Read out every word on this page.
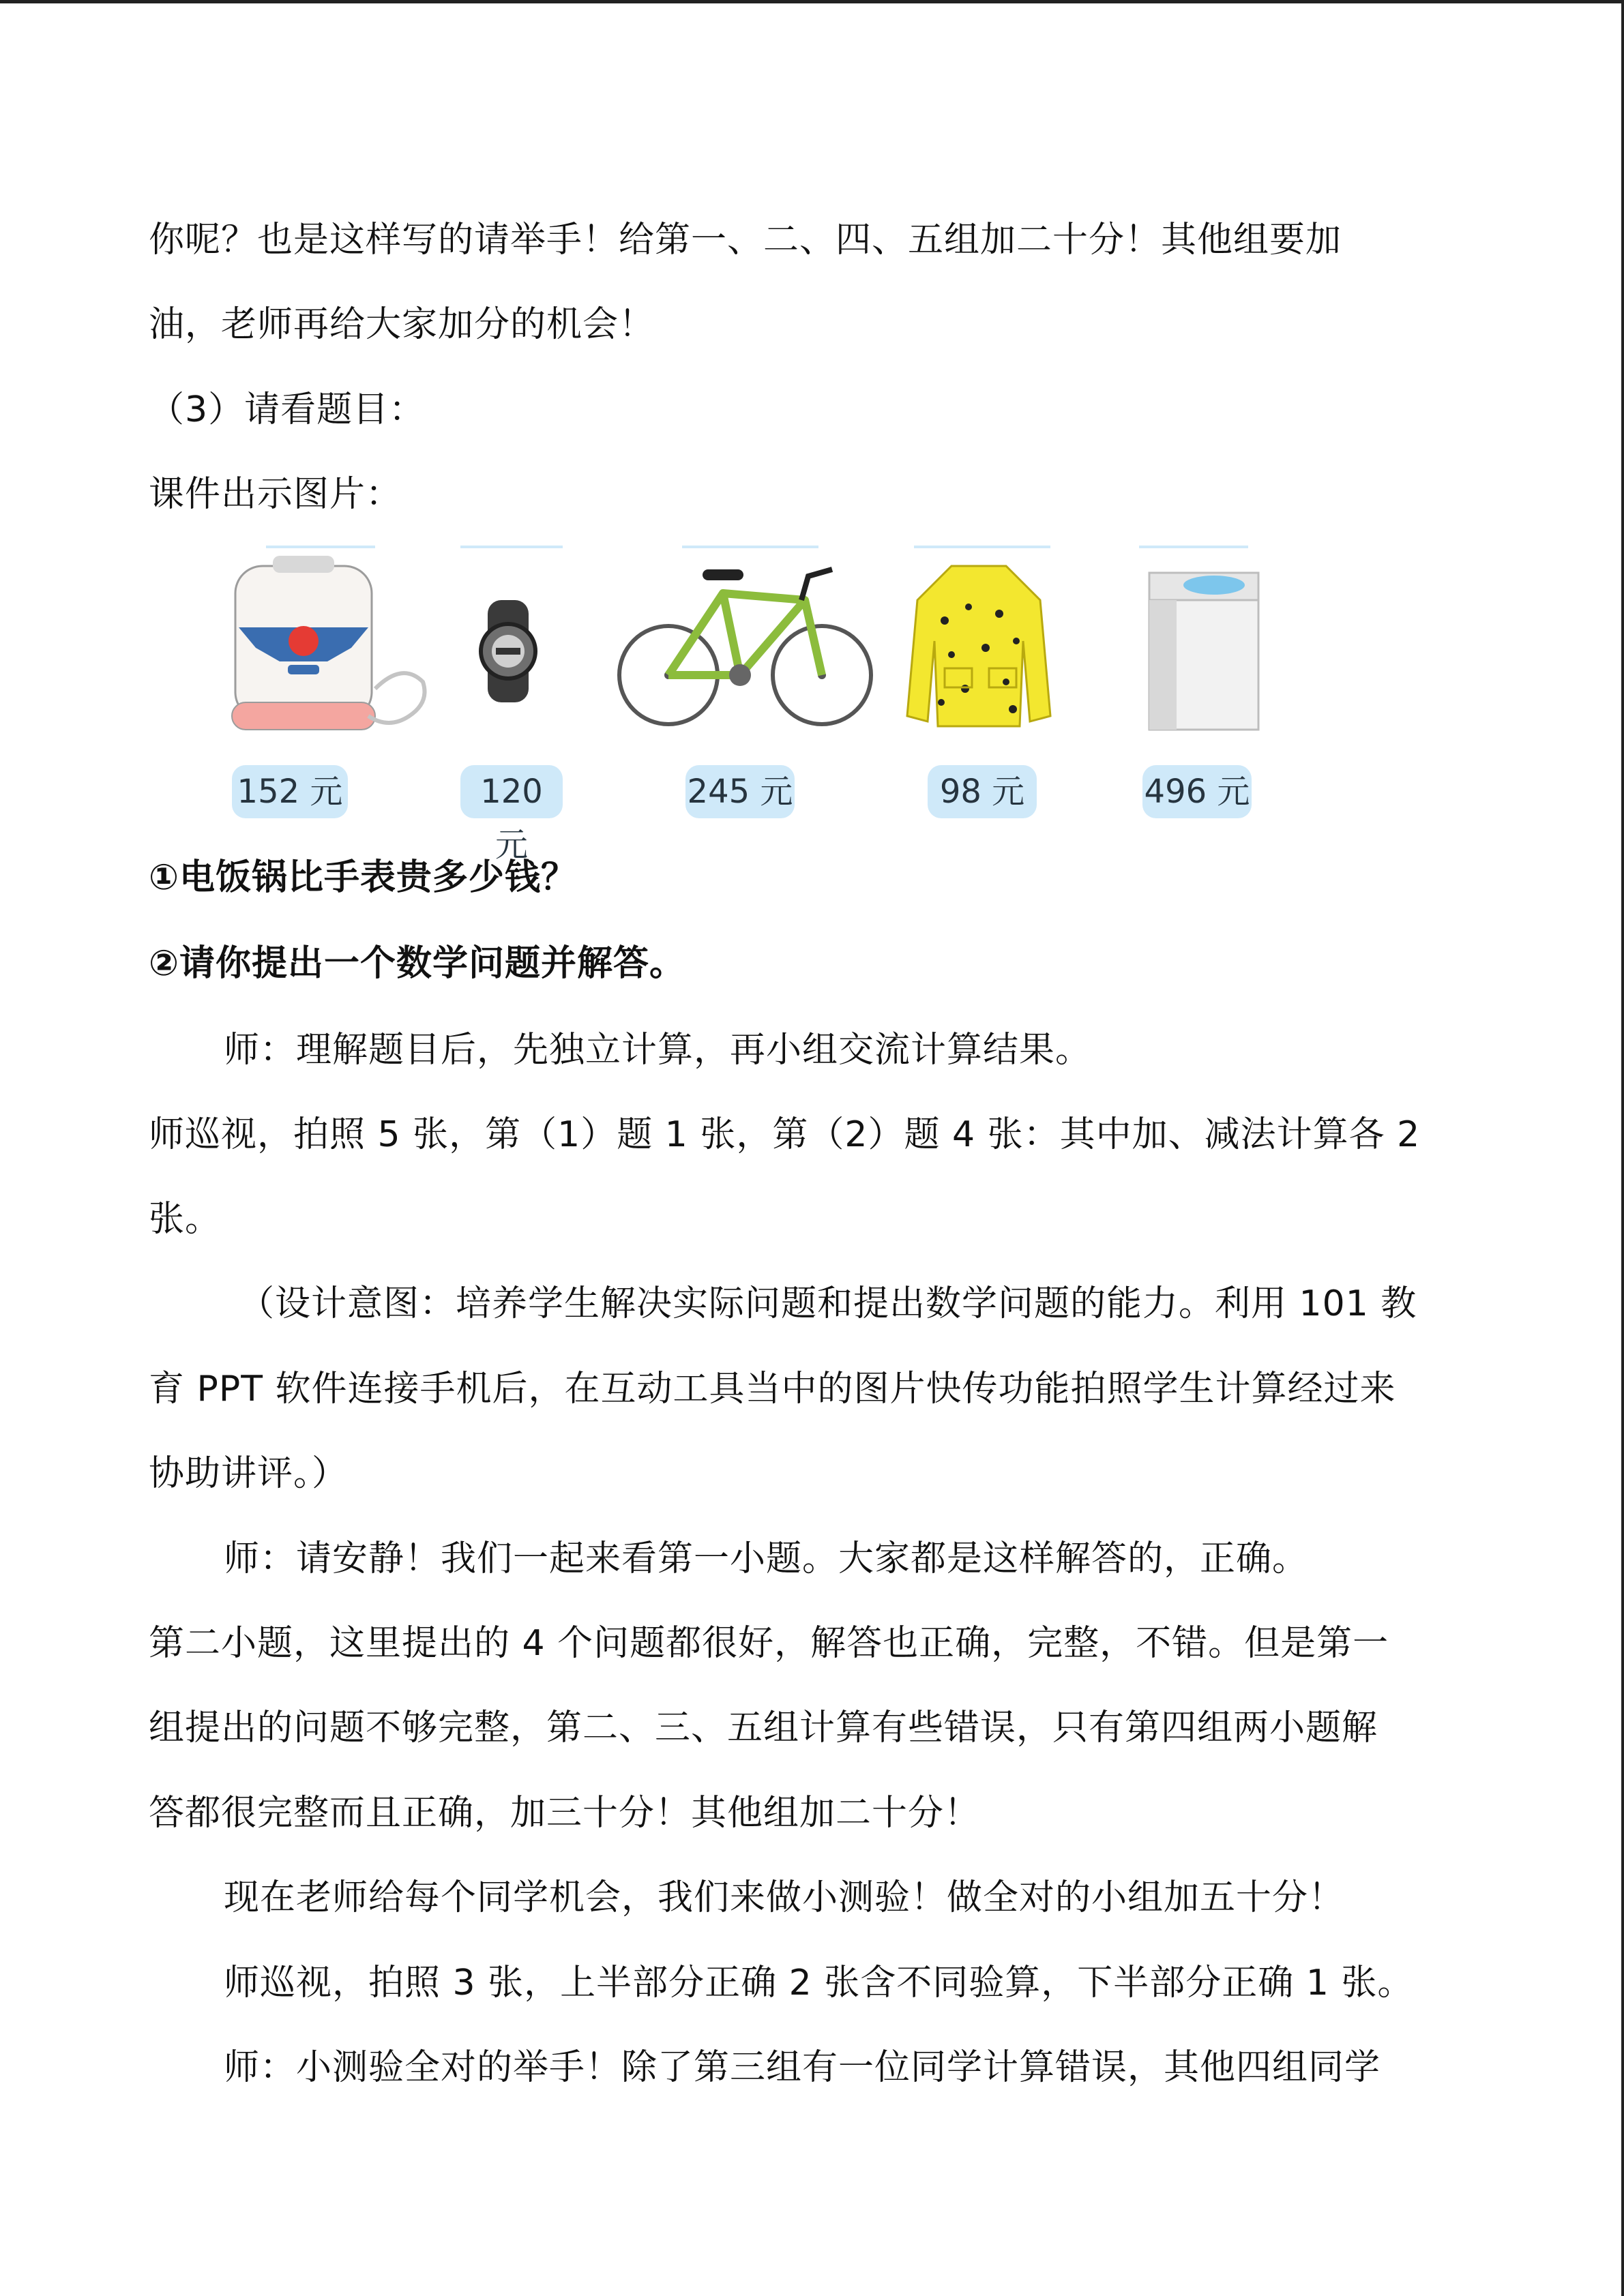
你呢？也是这样写的请举手！给第一、二、四、五组加二十分！其他组要加
油，老师再给大家加分的机会！
（3）请看题目：
课件出示图片：
152 元	120 元
245 元	98 元	496 元
①电饭锅比手表贵多少钱？
②请你提出一个数学问题并解答。
师：理解题目后，先独立计算，再小组交流计算结果。
师巡视，拍照 5 张，第（1）题 1 张，第（2）题 4 张：其中加、减法计算各 2
张。
（设计意图：培养学生解决实际问题和提出数学问题的能力。利用 101 教
育 PPT 软件连接手机后，在互动工具当中的图片快传功能拍照学生计算经过来
协助讲评。）
师：请安静！我们一起来看第一小题。大家都是这样解答的，正确。
第二小题，这里提出的 4 个问题都很好，解答也正确，完整，不错。但是第一
组提出的问题不够完整，第二、三、五组计算有些错误，只有第四组两小题解
答都很完整而且正确，加三十分！其他组加二十分！
现在老师给每个同学机会，我们来做小测验！做全对的小组加五十分！
师巡视，拍照 3 张，上半部分正确 2 张含不同验算，下半部分正确 1 张。
师：小测验全对的举手！除了第三组有一位同学计算错误，其他四组同学
